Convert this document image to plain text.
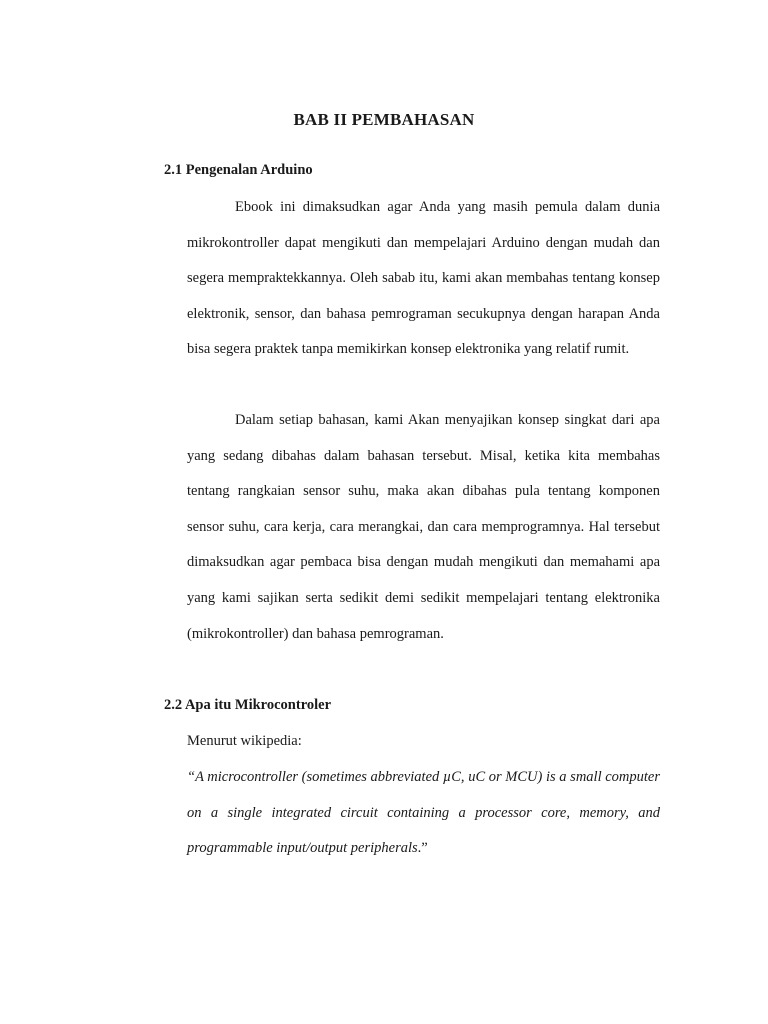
BAB II PEMBAHASAN
2.1 Pengenalan Arduino

Ebook ini dimaksudkan agar Anda yang masih pemula dalam dunia mikrokontroller dapat mengikuti dan mempelajari Arduino dengan mudah dan segera mempraktekkannya. Oleh sabab itu, kami akan membahas tentang konsep elektronik, sensor, dan bahasa pemrograman secukupnya dengan harapan Anda bisa segera praktek tanpa memikirkan konsep elektronika yang relatif rumit.

Dalam setiap bahasan, kami Akan menyajikan konsep singkat dari apa yang sedang dibahas dalam bahasan tersebut. Misal, ketika kita membahas tentang rangkaian sensor suhu, maka akan dibahas pula tentang komponen sensor suhu, cara kerja, cara merangkai, dan cara memprogramnya. Hal tersebut dimaksudkan agar pembaca bisa dengan mudah mengikuti dan memahami apa yang kami sajikan serta sedikit demi sedikit mempelajari tentang elektronika (mikrokontroller) dan bahasa pemrograman.

2.2 Apa itu Mikrocontroler

Menurut wikipedia:

“A microcontroller (sometimes abbreviated µC, uC or MCU) is a small computer on a single integrated circuit containing a processor core, memory, and programmable input/output peripherals.”
